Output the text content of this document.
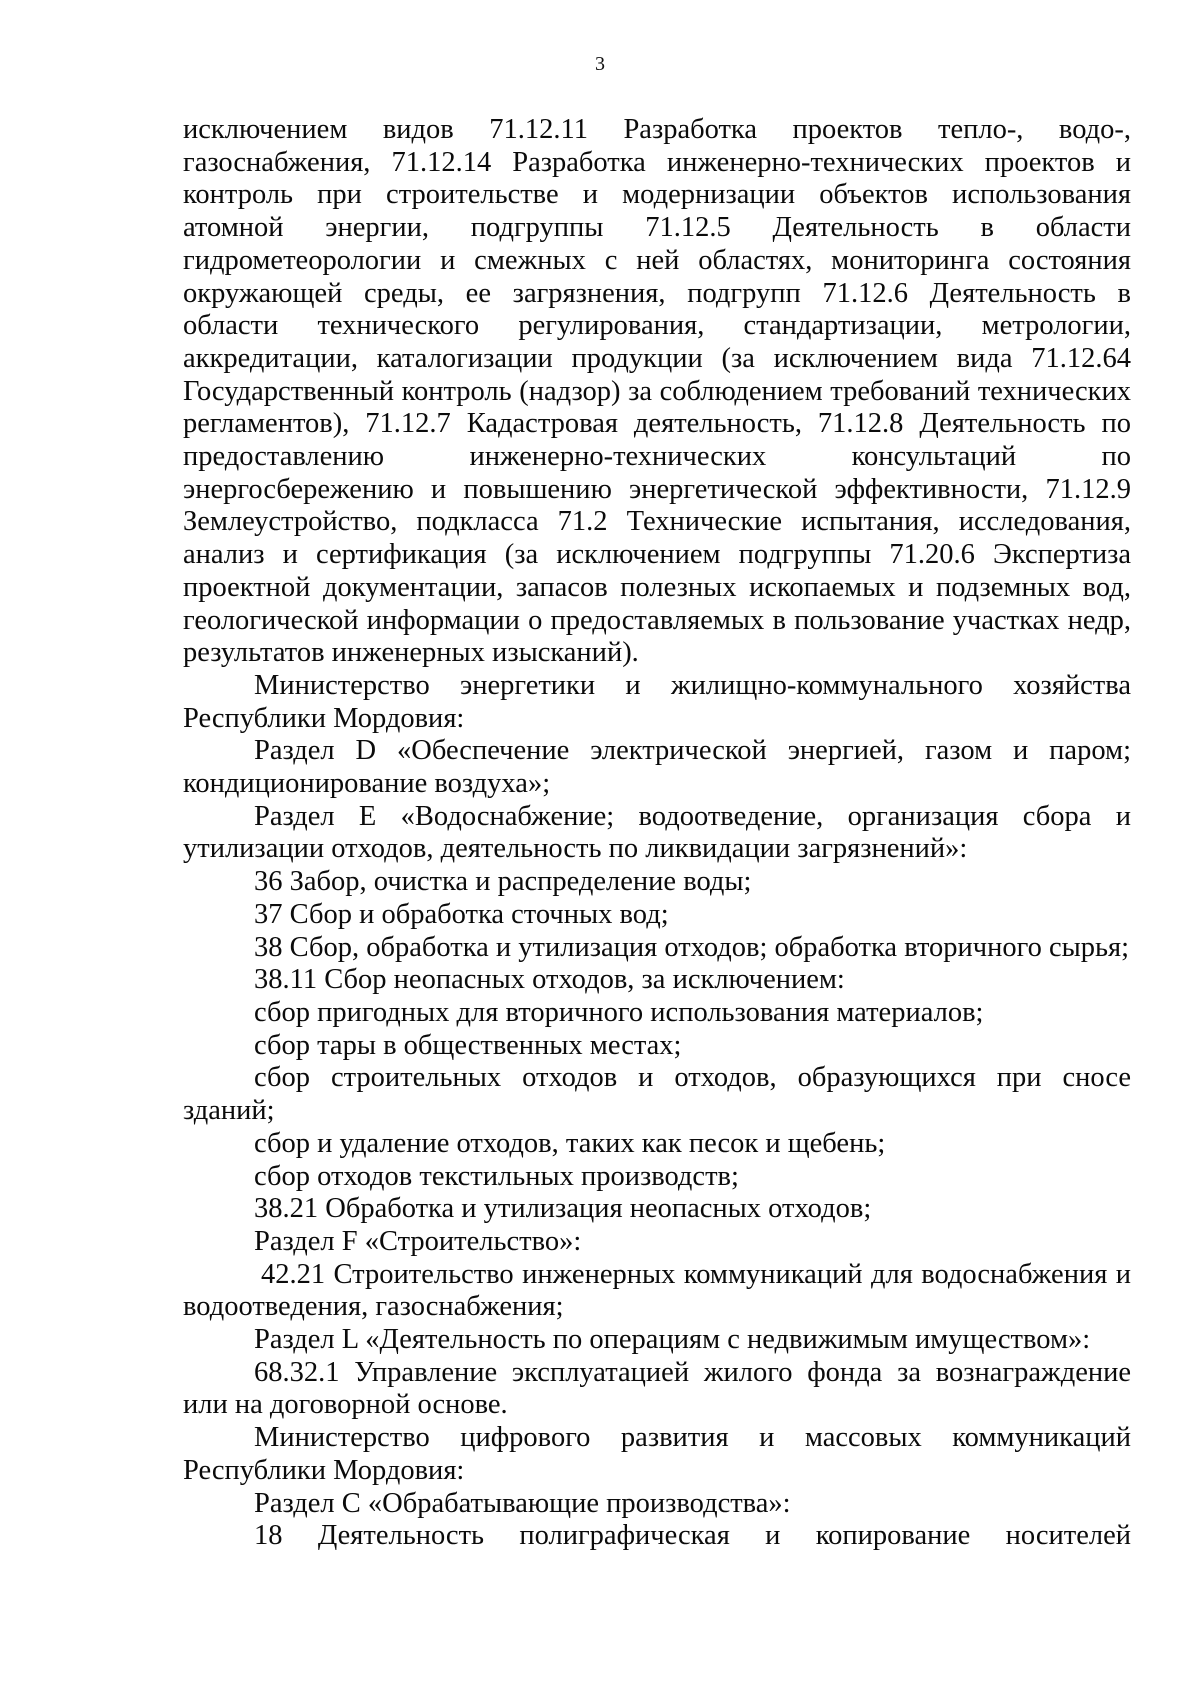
3

исключением видов 71.12.11 Разработка проектов тепло-, водо-, газоснабжения, 71.12.14 Разработка инженерно-технических проектов и контроль при строительстве и модернизации объектов использования атомной энергии, подгруппы 71.12.5 Деятельность в области гидрометеорологии и смежных с ней областях, мониторинга состояния окружающей среды, ее загрязнения, подгрупп 71.12.6 Деятельность в области технического регулирования, стандартизации, метрологии, аккредитации, каталогизации продукции (за исключением вида 71.12.64 Государственный контроль (надзор) за соблюдением требований технических регламентов), 71.12.7 Кадастровая деятельность, 71.12.8 Деятельность по предоставлению инженерно-технических консультаций по энергосбережению и повышению энергетической эффективности, 71.12.9 Землеустройство, подкласса 71.2 Технические испытания, исследования, анализ и сертификация (за исключением подгруппы 71.20.6 Экспертиза проектной документации, запасов полезных ископаемых и подземных вод, геологической информации о предоставляемых в пользование участках недр, результатов инженерных изысканий).

Министерство энергетики и жилищно-коммунального хозяйства Республики Мордовия:

Раздел D «Обеспечение электрической энергией, газом и паром; кондиционирование воздуха»;

Раздел E «Водоснабжение; водоотведение, организация сбора и утилизации отходов, деятельность по ликвидации загрязнений»:

36 Забор, очистка и распределение воды;

37 Сбор и обработка сточных вод;

38 Сбор, обработка и утилизация отходов; обработка вторичного сырья;

38.11 Сбор неопасных отходов, за исключением:

сбор пригодных для вторичного использования материалов;

сбор тары в общественных местах;

сбор строительных отходов и отходов, образующихся при сносе зданий;

сбор и удаление отходов, таких как песок и щебень;

сбор отходов текстильных производств;

38.21 Обработка и утилизация неопасных отходов;

Раздел F «Строительство»:

42.21 Строительство инженерных коммуникаций для водоснабжения и водоотведения, газоснабжения;

Раздел L «Деятельность по операциям с недвижимым имуществом»:

68.32.1 Управление эксплуатацией жилого фонда за вознаграждение или на договорной основе.

Министерство цифрового развития и массовых коммуникаций Республики Мордовия:

Раздел C «Обрабатывающие производства»:

18 Деятельность полиграфическая и копирование носителей
